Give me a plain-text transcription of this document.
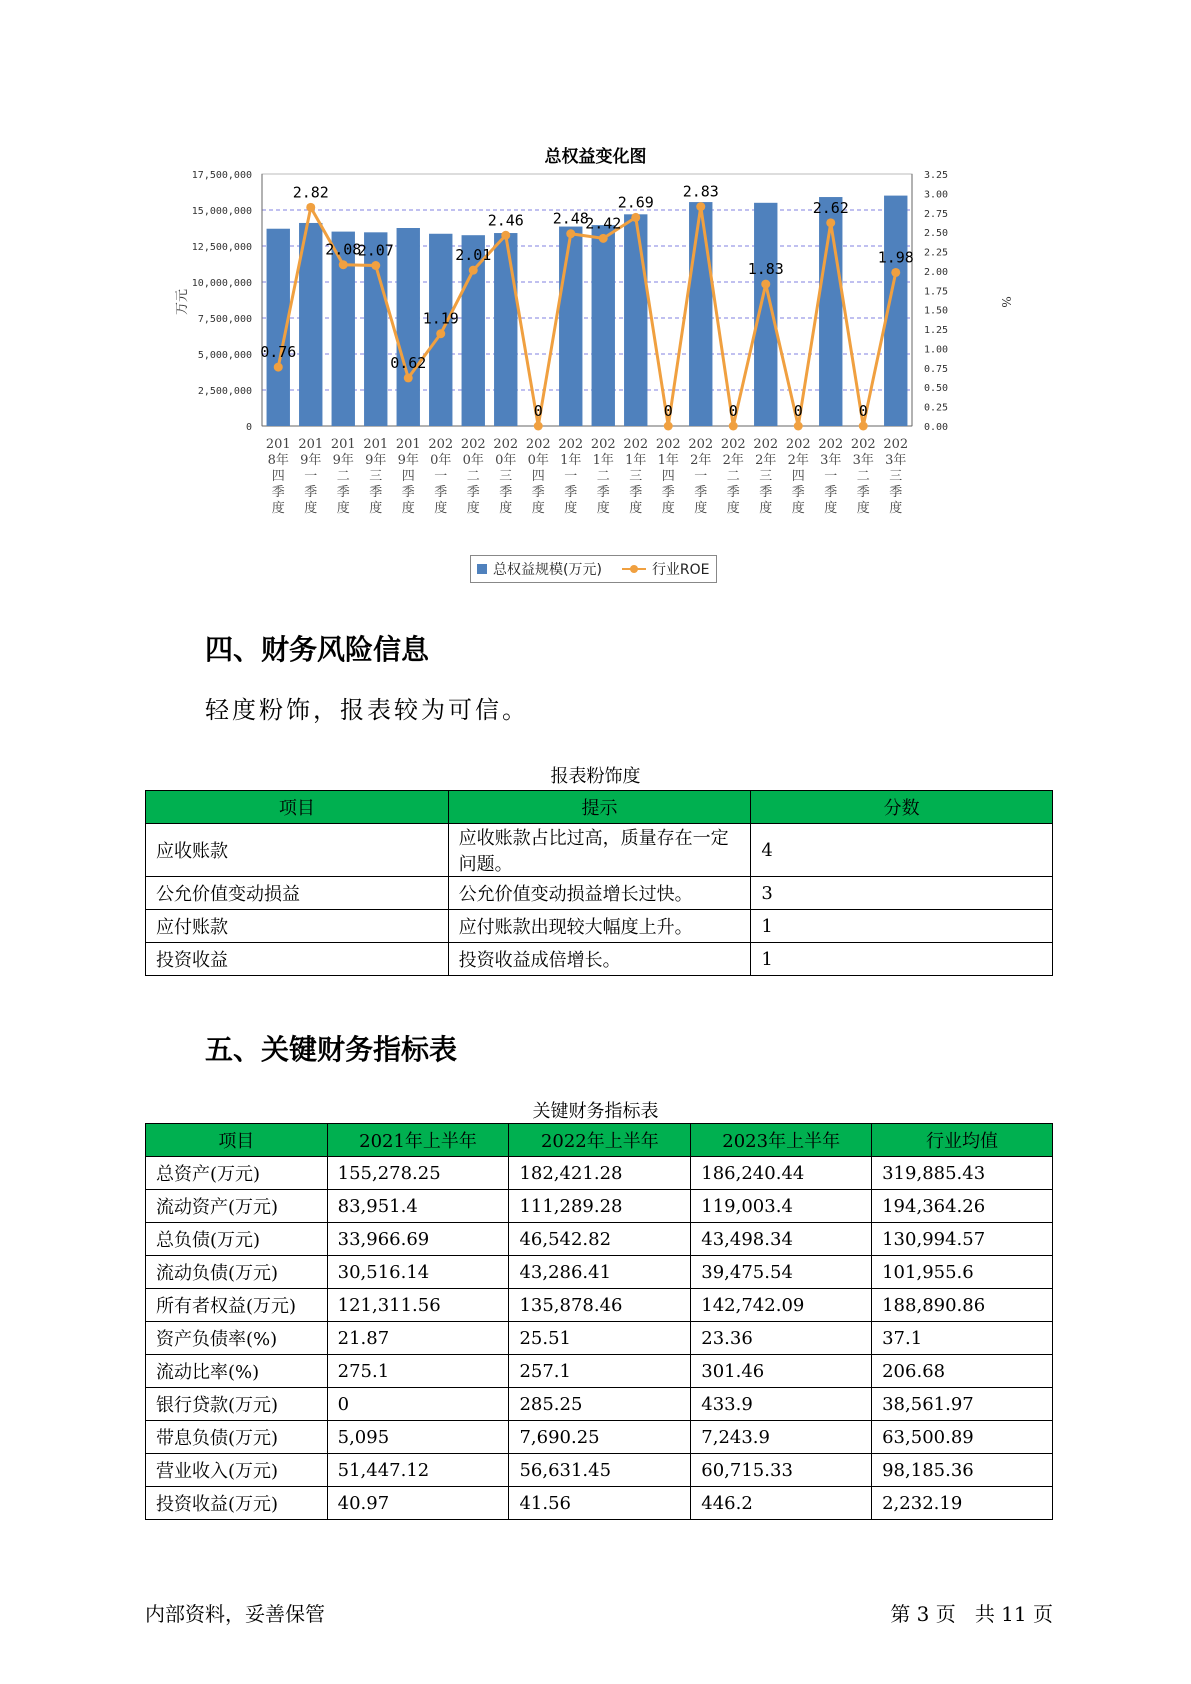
总权益变化图
0
2,500,000
5,000,000
7,500,000
10,000,000
12,500,000
15,000,000
17,500,000
0.00
0.25
0.50
0.75
1.00
1.25
1.50
1.75
2.00
2.25
2.50
2.75
3.00
3.25
万元	%
201
8年
四
季
度
201
9年
一
季
度
201
9年
二
季
度
201
9年
三
季
度
201
9年
四
季
度
202
0年
一
季
度
202
0年
二
季
度
202
0年
三
季
度
202
0年
四
季
度
202
1年
一
季
度
202
1年
二
季
度
202
1年
三
季
度
202
1年
四
季
度
202
2年
一
季
度
202
2年
二
季
度
202
2年
三
季
度
202
2年
四
季
度
202
3年
一
季
度
202
3年
二
季
度
202
3年
三
季
度
0.76
2.82
2.08
2.07
0.62
1.19
2.01
2.46
0
2.48
2.42
2.69
0
2.83
0
1.83
0
2.62
0
1.98
总权益规模(万元)	行业ROE
四、财务风险信息
轻度粉饰，报表较为可信。
报表粉饰度
项目	提示	分数
应收账款	应收账款占比过高，质量存在一定问题。	4
公允价值变动损益	公允价值变动损益增长过快。	3
应付账款	应付账款出现较大幅度上升。	1
投资收益	投资收益成倍增长。	1
五、关键财务指标表
关键财务指标表
项目	2021年上半年	2022年上半年	2023年上半年	行业均值
总资产(万元)	155,278.25	182,421.28	186,240.44	319,885.43
流动资产(万元)	83,951.4	111,289.28	119,003.4	194,364.26
总负债(万元)	33,966.69	46,542.82	43,498.34	130,994.57
流动负债(万元)	30,516.14	43,286.41	39,475.54	101,955.6
所有者权益(万元)	121,311.56	135,878.46	142,742.09	188,890.86
资产负债率(%)	21.87	25.51	23.36	37.1
流动比率(%)	275.1	257.1	301.46	206.68
银行贷款(万元)	0	285.25	433.9	38,561.97
带息负债(万元)	5,095	7,690.25	7,243.9	63,500.89
营业收入(万元)	51,447.12	56,631.45	60,715.33	98,185.36
投资收益(万元)	40.97	41.56	446.2	2,232.19
内部资料，妥善保管	第 3 页   共 11 页
